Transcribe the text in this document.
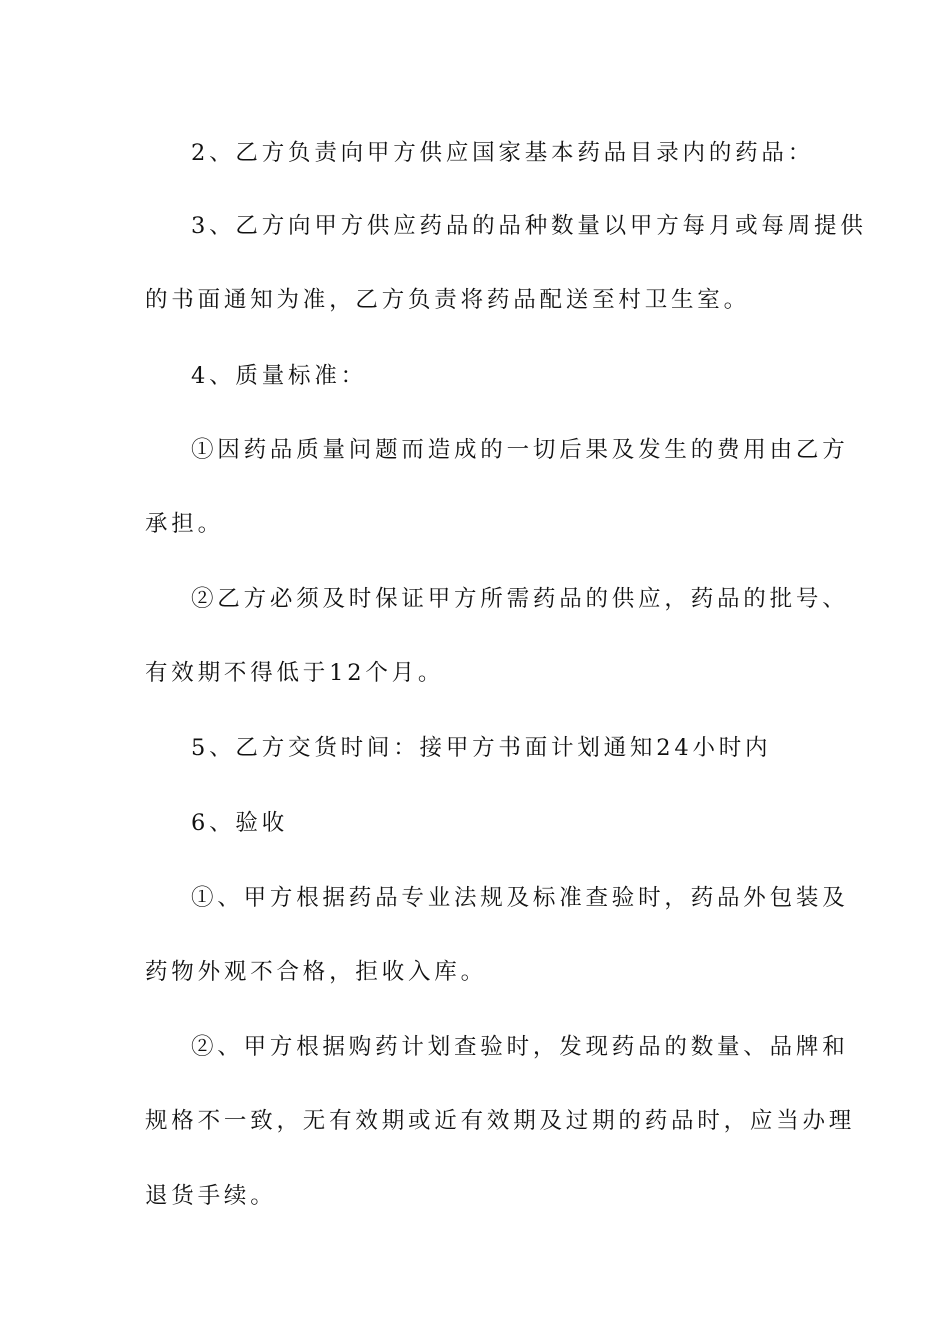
2、乙方负责向甲方供应国家基本药品目录内的药品：
3、乙方向甲方供应药品的品种数量以甲方每月或每周提供
的书面通知为准，乙方负责将药品配送至村卫生室。
4、质量标准：
①因药品质量问题而造成的一切后果及发生的费用由乙方
承担。
②乙方必须及时保证甲方所需药品的供应，药品的批号、
有效期不得低于12个月。
5、乙方交货时间：接甲方书面计划通知24小时内
6、验收
①、甲方根据药品专业法规及标准查验时，药品外包装及
药物外观不合格，拒收入库。
②、甲方根据购药计划查验时，发现药品的数量、品牌和
规格不一致，无有效期或近有效期及过期的药品时，应当办理
退货手续。
